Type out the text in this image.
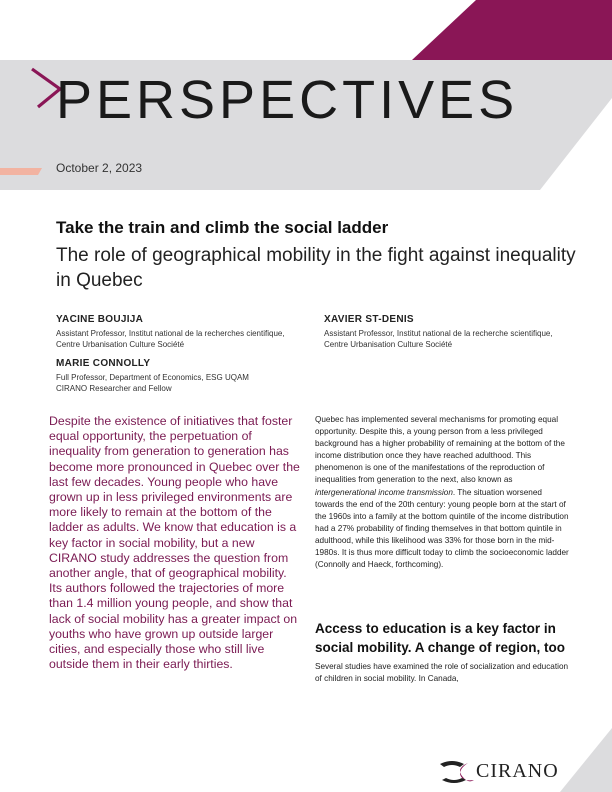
PERSPECTIVES
October 2, 2023
Take the train and climb the social ladder
The role of geographical mobility in the fight against inequality in Quebec
YACINE BOUJIJA
Assistant Professor, Institut national de la recherches cientifique,
Centre Urbanisation Culture Société
XAVIER ST-DENIS
Assistant Professor, Institut national de la recherche scientifique,
Centre Urbanisation Culture Société
MARIE CONNOLLY
Full Professor, Department of Economics, ESG UQAM
CIRANO Researcher and Fellow
Despite the existence of initiatives that foster equal opportunity, the perpetuation of inequality from generation to generation has become more pronounced in Quebec over the last few decades. Young people who have grown up in less privileged environments are more likely to remain at the bottom of the ladder as adults. We know that education is a key factor in social mobility, but a new CIRANO study addresses the question from another angle, that of geographical mobility. Its authors followed the trajectories of more than 1.4 million young people, and show that lack of social mobility has a greater impact on youths who have grown up outside larger cities, and especially those who still live outside them in their early thirties.
Quebec has implemented several mechanisms for promoting equal opportunity. Despite this, a young person from a less privileged background has a higher probability of remaining at the bottom of the income distribution once they have reached adulthood. This phenomenon is one of the manifestations of the reproduction of inequalities from generation to the next, also known as intergenerational income transmission. The situation worsened towards the end of the 20th century: young people born at the start of the 1960s into a family at the bottom quintile of the income distribution had a 27% probability of finding themselves in that bottom quintile in adulthood, while this likelihood was 33% for those born in the mid-1980s. It is thus more difficult today to climb the socioeconomic ladder (Connolly and Haeck, forthcoming).
Access to education is a key factor in social mobility. A change of region, too
Several studies have examined the role of socialization and education of children in social mobility. In Canada,
CIRANO
